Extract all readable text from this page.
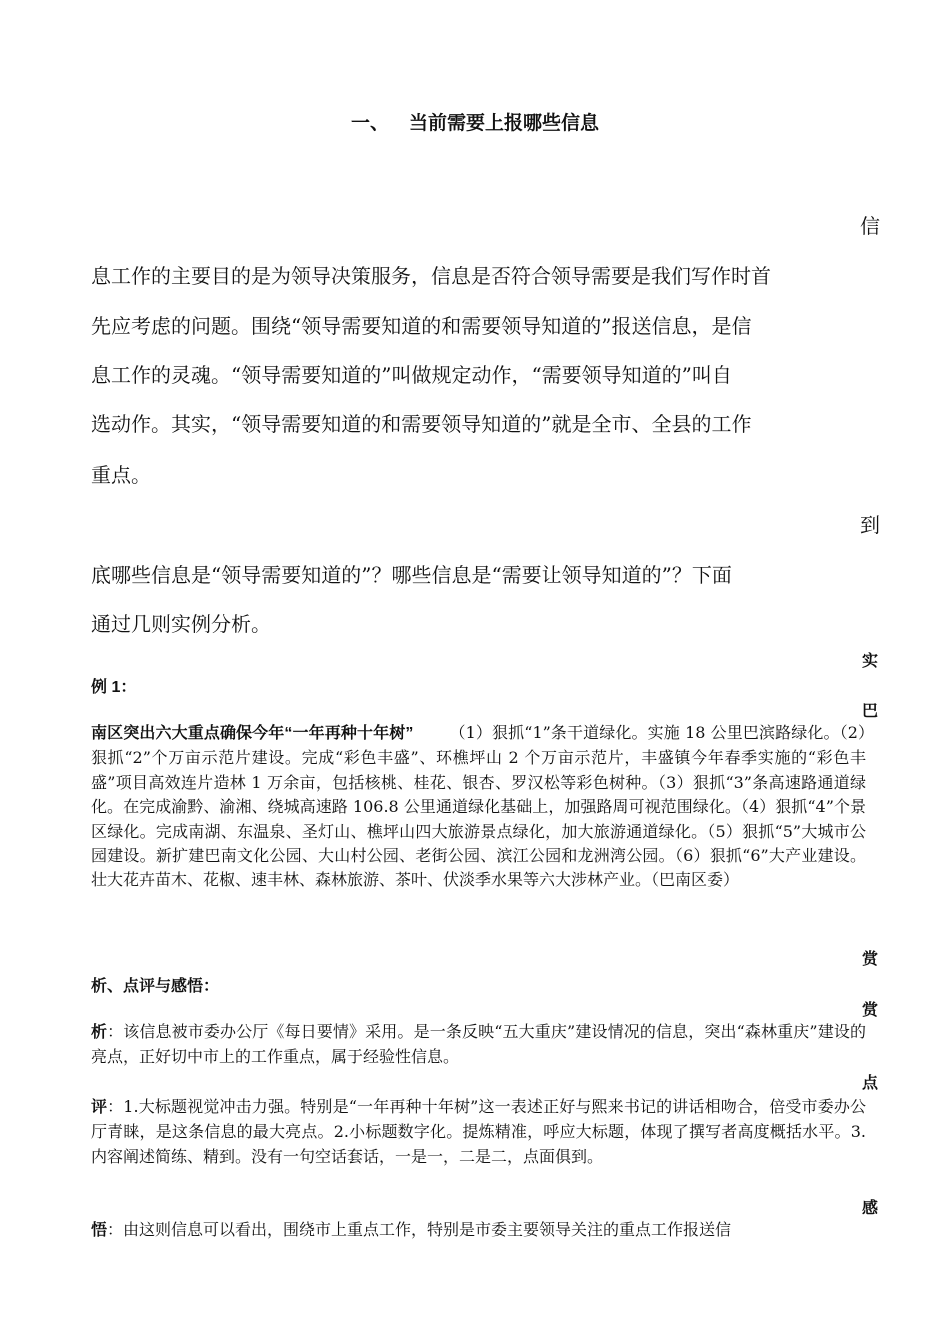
一、 当前需要上报哪些信息
信
息工作的主要目的是为领导决策服务，信息是否符合领导需要是我们写作时首
先应考虑的问题。围绕“领导需要知道的和需要领导知道的”报送信息，是信
息工作的灵魂。“领导需要知道的”叫做规定动作，“需要领导知道的”叫自
选动作。其实，“领导需要知道的和需要领导知道的”就是全市、全县的工作
重点。
到
底哪些信息是“领导需要知道的”？哪些信息是“需要让领导知道的”？下面
通过几则实例分析。
实
例 1：
巴
南区突出六大重点确保今年“一年再种十年树” （1）狠抓“1”条干道绿化。实施 18 公里巴滨路绿化。（2）狠抓“2”个万亩示范片建设。完成“彩色丰盛”、环樵坪山 2 个万亩示范片，丰盛镇今年春季实施的“彩色丰盛”项目高效连片造林 1 万余亩，包括核桃、桂花、银杏、罗汉松等彩色树种。（3）狠抓“3”条高速路通道绿化。在完成渝黔、渝湘、绕城高速路 106.8 公里通道绿化基础上，加强路周可视范围绿化。（4）狠抓“4”个景区绿化。完成南湖、东温泉、圣灯山、樵坪山四大旅游景点绿化，加大旅游通道绿化。（5）狠抓“5”大城市公园建设。新扩建巴南文化公园、大山村公园、老街公园、滨江公园和龙洲湾公园。（6）狠抓“6”大产业建设。壮大花卉苗木、花椒、速丰林、森林旅游、茶叶、伏淡季水果等六大涉林产业。（巴南区委）
赏
析、点评与感悟：
赏
析：该信息被市委办公厅《每日要情》采用。是一条反映“五大重庆”建设情况的信息，突出“森林重庆”建设的亮点，正好切中市上的工作重点，属于经验性信息。
点
评：1.大标题视觉冲击力强。特别是“一年再种十年树”这一表述正好与熙来书记的讲话相吻合，倍受市委办公厅青睐，是这条信息的最大亮点。2.小标题数字化。提炼精准，呼应大标题，体现了撰写者高度概括水平。3.内容阐述简练、精到。没有一句空话套话，一是一，二是二，点面俱到。
感
悟：由这则信息可以看出，围绕市上重点工作，特别是市委主要领导关注的重点工作报送信
